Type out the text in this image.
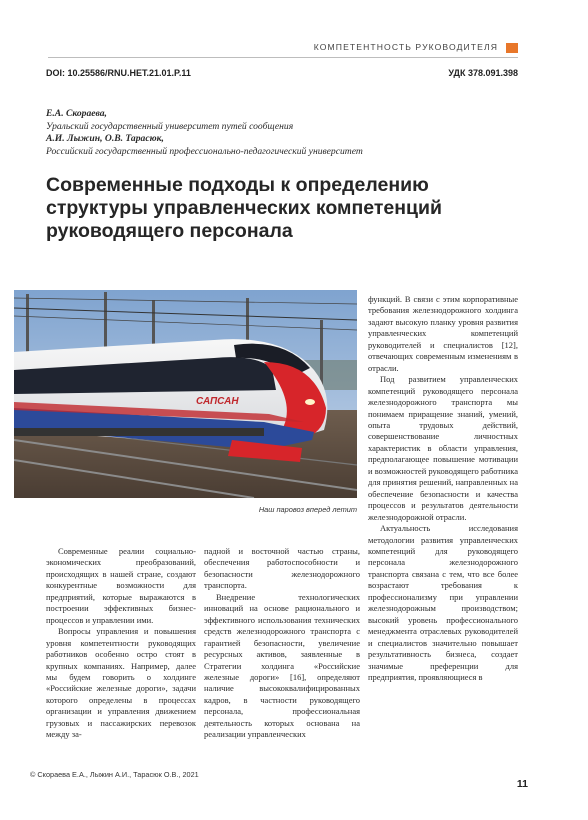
КОМПЕТЕНТНОСТЬ РУКОВОДИТЕЛЯ
DOI: 10.25586/RNU.HET.21.01.P.11	УДК 378.091.398
Е.А. Скораева,
Уральский государственный университет путей сообщения
А.И. Лыжин, О.В. Тарасюк,
Российский государственный профессионально-педагогический университет
Современные подходы к определению структуры управленческих компетенций руководящего персонала
САПСАН
Наш паровоз вперед летит

Современные реалии социально-экономических преобразований, происходящих в нашей стране, создают конкурентные возможности для предприятий, которые выражаются в построении эффективных бизнес-процессов и управлении ими.

Вопросы управления и повышения уровня компетентности руководящих работников особенно остро стоят в крупных компаниях. Например, далее мы будем говорить о холдинге «Российские железные дороги», задачи которого определены в процессах организации и управления движением грузовых и пассажирских перевозок между за-

падной и восточной частью страны, обеспечения работоспособности и безопасности железнодорожного транспорта.

Внедрение технологических инноваций на основе рационального и эффективного использования технических средств железнодорожного транспорта с гарантией безопасности, увеличение ресурсных активов, заявленные в Стратегии холдинга «Российские железные дороги» [16], определяют наличие высококвалифицированных кадров, в частности руководящего персонала, профессиональная деятельность которых основана на реализации управленческих

функций. В связи с этим корпоративные требования железнодорожного холдинга задают высокую планку уровня развития управленческих компетенций руководителей и специалистов [12], отвечающих современным изменениям в отрасли.

Под развитием управленческих компетенций руководящего персонала железнодорожного транспорта мы понимаем приращение знаний, умений, опыта трудовых действий, совершенствование личностных характеристик в области управления, предполагающее повышение мотивации и возможностей руководящего работника для принятия решений, направленных на обеспечение безопасности и качества процессов и результатов деятельности железнодорожной отрасли.

Актуальность исследования методологии развития управленческих компетенций для руководящего персонала железнодорожного транспорта связана с тем, что все более возрастают требования к профессионализму при управлении железнодорожным производством; высокий уровень профессионального менеджмента отраслевых руководителей и специалистов значительно повышает результативность бизнеса, создает значимые преференции для предприятия, проявляющиеся в

© Скораева Е.А., Лыжин А.И., Тарасюк О.В., 2021
11
